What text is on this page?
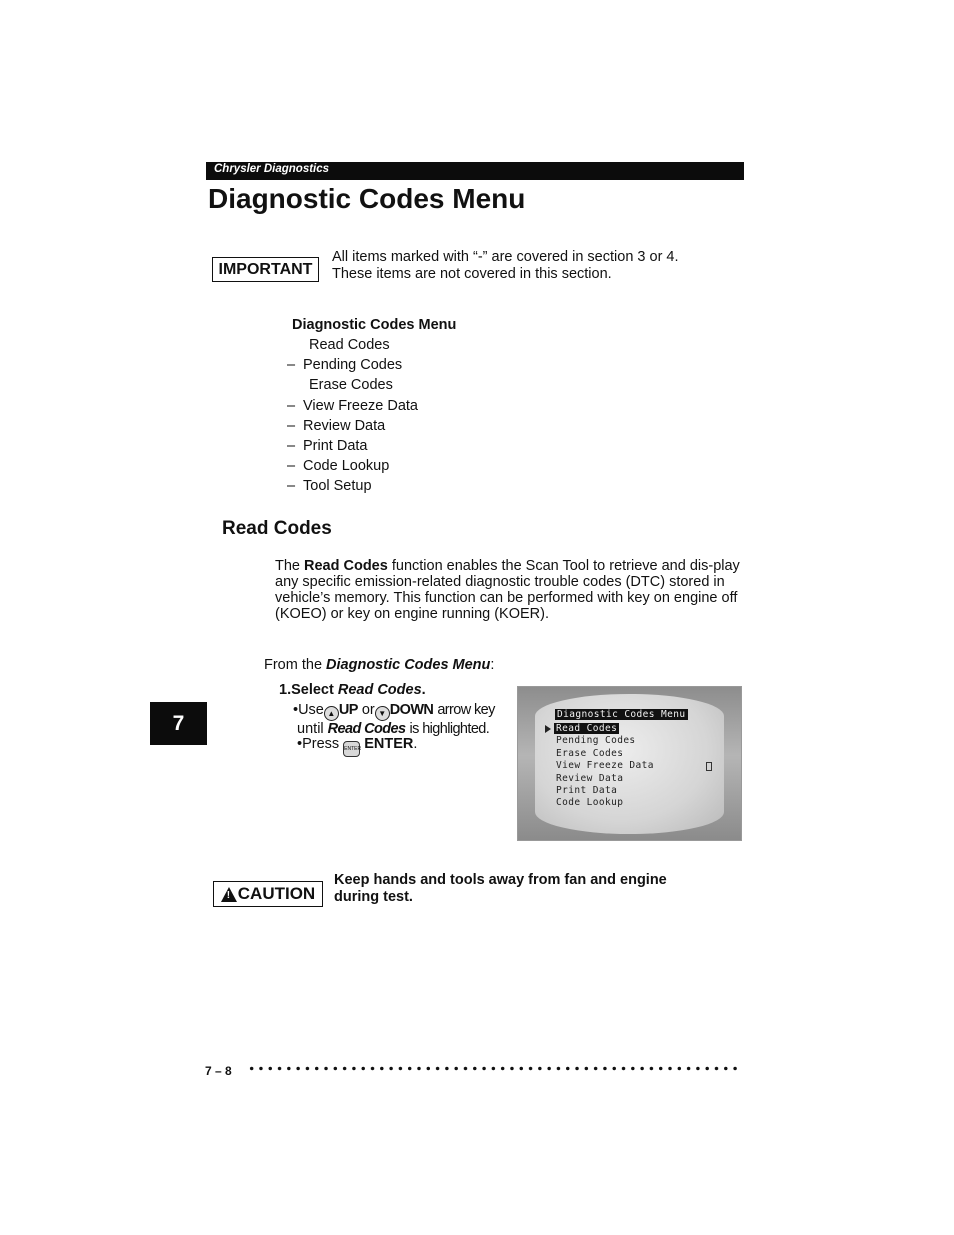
Chrysler Diagnostics
Diagnostic Codes Menu
IMPORTANT
All items marked with “-” are covered in section 3 or 4.
These items are not covered in this section.
Diagnostic Codes Menu
Read Codes
– Pending Codes
Erase Codes
– View Freeze Data
– Review Data
– Print Data
– Code Lookup
– Tool Setup
Read Codes
The Read Codes function enables the Scan Tool to retrieve and dis-play any specific emission-related diagnostic trouble codes (DTC) stored in vehicle’s memory. This function can be performed with key on engine off (KOEO) or key on engine running (KOER).
From the Diagnostic Codes Menu:
1.Select Read Codes.
•Use ▲ UP or ▼ DOWN arrow key
until Read Codes is highlighted.
•Press ENTER ENTER.
7	Diagnostic Codes Menu
Read Codes
Pending Codes
Erase Codes
View Freeze Data
Review Data
Print Data
Code Lookup
! CAUTION
Keep hands and tools away from fan and engine
during test.
7 – 8
